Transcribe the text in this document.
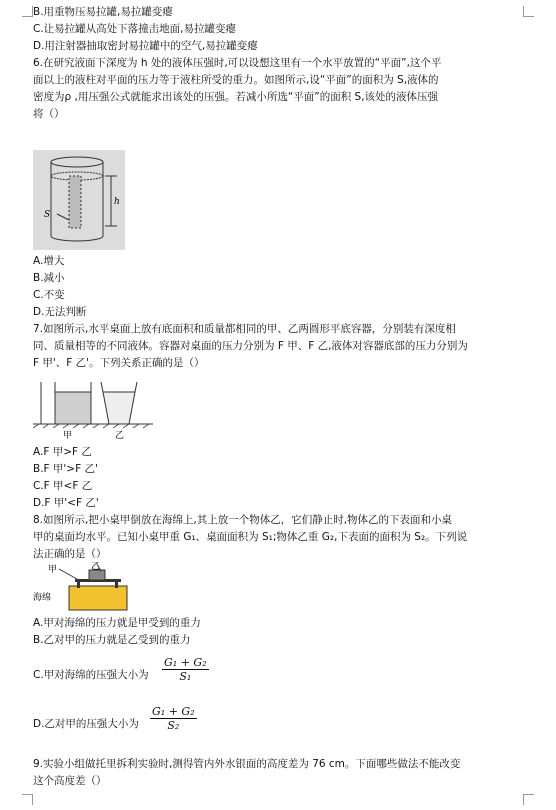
B.用重物压易拉罐,易拉罐变瘪
C.让易拉罐从高处下落撞击地面,易拉罐变瘪
D.用注射器抽取密封易拉罐中的空气,易拉罐变瘪
6.在研究液面下深度为 h 处的液体压强时,可以设想这里有一个水平放置的“平面”,这个平
面以上的液柱对平面的压力等于液柱所受的重力。如图所示,设“平面”的面积为 S,液体的
密度为ρ ,用压强公式就能求出该处的压强。若减小所选“平面”的面积 S,该处的液体压强
将（）
S
h
A.增大
B.减小
C.不变
D.无法判断
7.如图所示,水平桌面上放有底面积和质量都相同的甲、乙两圆形平底容器，分别装有深度相
同、质量相等的不同液体。容器对桌面的压力分别为 F 甲、F 乙,液体对容器底部的压力分别为
F 甲'、F 乙'。下列关系正确的是（）
甲	乙
A.F 甲>F 乙
B.F 甲'>F 乙'
C.F 甲<F 乙
D.F 甲'<F 乙'
8.如图所示,把小桌甲倒放在海绵上,其上放一个物体乙，它们静止时,物体乙的下表面和小桌
甲的桌面均水平。已知小桌甲重 G₁、桌面面积为 S₁;物体乙重 G₂,下表面的面积为 S₂。下列说
法正确的是（）
甲	乙
海绵
A.甲对海绵的压力就是甲受到的重力
B.乙对甲的压力就是乙受到的重力
C.甲对海绵的压强大小为 $\frac{\text{G₁ + G₂}}{\text{S₁}}$
D.乙对甲的压强大小为 $\frac{\text{G₁ + G₂}}{\text{S₂}}$
9.实验小组做托里拆利实验时,测得管内外水银面的高度差为 76 cm。下面哪些做法不能改变
这个高度差（）
